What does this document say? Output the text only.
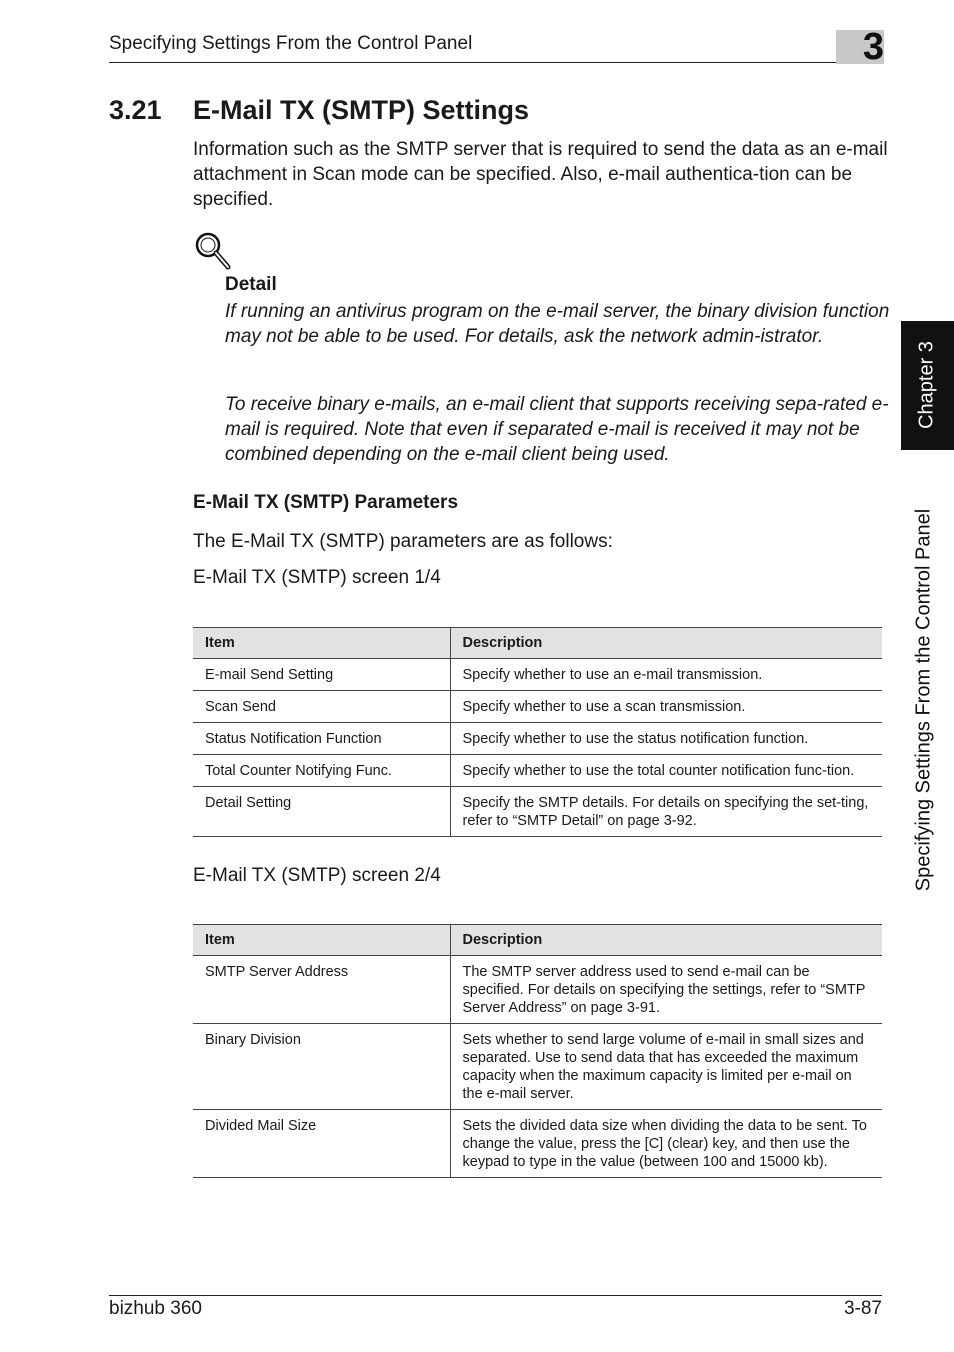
Specifying Settings From the Control Panel	3
Chapter 3
Specifying Settings From the Control Panel
3.21 E-Mail TX (SMTP) Settings
Information such as the SMTP server that is required to send the data as an e-mail attachment in Scan mode can be specified. Also, e-mail authentica-tion can be specified.
Detail
If running an antivirus program on the e-mail server, the binary division function may not be able to be used. For details, ask the network admin-istrator.
To receive binary e-mails, an e-mail client that supports receiving sepa-rated e-mail is required. Note that even if separated e-mail is received it may not be combined depending on the e-mail client being used.
E-Mail TX (SMTP) Parameters
The E-Mail TX (SMTP) parameters are as follows:
E-Mail TX (SMTP) screen 1/4
Item	Description
E-mail Send Setting	Specify whether to use an e-mail transmission.
Scan Send	Specify whether to use a scan transmission.
Status Notification Function	Specify whether to use the status notification function.
Total Counter Notifying Func.	Specify whether to use the total counter notification func-tion.
Detail Setting	Specify the SMTP details. For details on specifying the set-ting, refer to “SMTP Detail” on page 3-92.
E-Mail TX (SMTP) screen 2/4
Item	Description
SMTP Server Address	The SMTP server address used to send e-mail can be specified. For details on specifying the settings, refer to “SMTP Server Address” on page 3-91.
Binary Division	Sets whether to send large volume of e-mail in small sizes and separated. Use to send data that has exceeded the maximum capacity when the maximum capacity is limited per e-mail on the e-mail server.
Divided Mail Size	Sets the divided data size when dividing the data to be sent. To change the value, press the [C] (clear) key, and then use the keypad to type in the value (between 100 and 15000 kb).
bizhub 360	3-87
